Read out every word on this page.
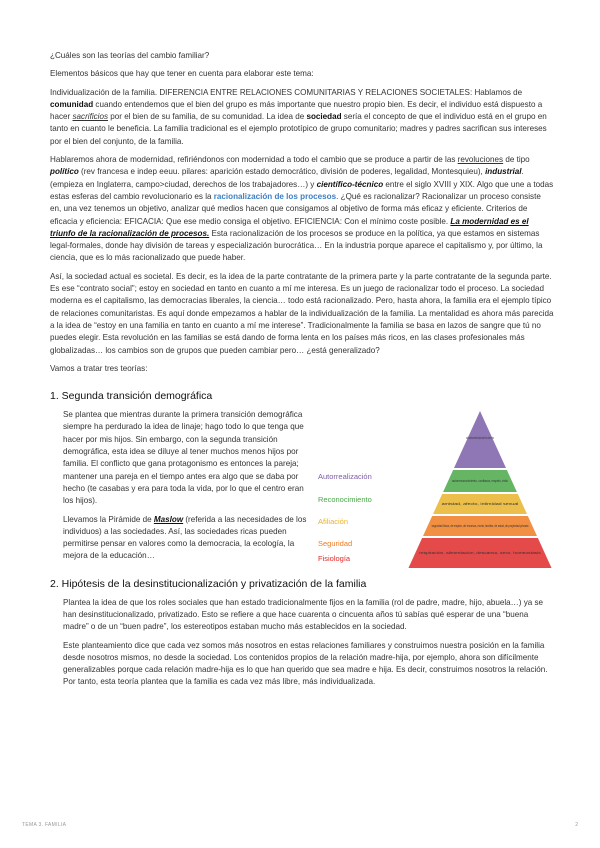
¿Cuáles son las teorías del cambio familiar?

Elementos básicos que hay que tener en cuenta para elaborar este tema:

Individualización de la familia. DIFERENCIA ENTRE RELACIONES COMUNITARIAS Y RELACIONES SOCIETALES: Hablamos de comunidad cuando entendemos que el bien del grupo es más importante que nuestro propio bien. Es decir, el individuo está dispuesto a hacer sacrificios por el bien de su familia, de su comunidad. La idea de sociedad sería el concepto de que el individuo está en el grupo en tanto en cuanto le beneficia. La familia tradicional es el ejemplo prototípico de grupo comunitario; madres y padres sacrifican sus intereses por el bien del conjunto, de la familia.

Hablaremos ahora de modernidad, refiriéndonos con modernidad a todo el cambio que se produce a partir de las revoluciones de tipo político (rev francesa e indep eeuu. pilares: aparición estado democrático, división de poderes, legalidad, Montesquieu), industrial.(empieza en Inglaterra, campo>ciudad, derechos de los trabajadores…) y científico-técnico entre el siglo XVIII y XIX. Algo que une a todas estas esferas del cambio revolucionario es la racionalización de los procesos. ¿Qué es racionalizar? Racionalizar un proceso consiste en, una vez tenemos un objetivo, analizar qué medios hacen que consigamos al objetivo de forma más eficaz y eficiente. Criterios de eficacia y eficiencia: EFICACIA: Que ese medio consiga el objetivo. EFICIENCIA: Con el mínimo coste posible. La modernidad es el triunfo de la racionalización de procesos. Esta racionalización de los procesos se produce en la política, ya que estamos en sistemas legal-formales, donde hay división de tareas y especialización burocrática… En la industria porque aparece el capitalismo y, por último, la ciencia, que es lo más racionalizado que puede haber.

Así, la sociedad actual es societal. Es decir, es la idea de la parte contratante de la primera parte y la parte contratante de la segunda parte. Es ese “contrato social”; estoy en sociedad en tanto en cuanto a mí me interesa. Es un juego de racionalizar todo el proceso. La sociedad moderna es el capitalismo, las democracias liberales, la ciencia… todo está racionalizado. Pero, hasta ahora, la familia era el ejemplo típico de relaciones comunitaristas. Es aquí donde empezamos a hablar de la individualización de la familia. La mentalidad es ahora más parecida a la idea de “estoy en una familia en tanto en cuanto a mí me interese”. Tradicionalmente la familia se basa en lazos de sangre que tú no puedes elegir. Esta revolución en las familias se está dando de forma lenta en los países más ricos, en las clases profesionales más globalizadas… los cambios son de grupos que pueden cambiar pero… ¿está generalizado?

Vamos a tratar tres teorías:

1. Segunda transición demográfica

Se plantea que mientras durante la primera transición demográfica siempre ha perdurado la idea de linaje; hago todo lo que tenga que hacer por mis hijos. Sin embargo, con la segunda transición demográfica, esta idea se diluye al tener muchos menos hijos por familia. El conflicto que gana protagonismo es entonces la pareja; mantener una pareja en el tiempo antes era algo que se daba por hecho (te casabas y era para toda la vida, por lo que el centro eran los hijos).

Llevamos la Pirámide de Maslow (referida a las necesidades de los individuos) a las sociedades. Así, las sociedades ricas pueden permitirse pensar en valores como la democracia, la ecología, la mejora de la educación…

moralidad, creatividad, espontaneidad, falta de prejuicios, aceptación de hechos, resolución de problemas
Autorrealización
autorreconocimiento, confianza, respeto, éxito
Reconocimiento
amistad, afecto, intimidad sexual
Afiliación
seguridad física, de empleo, de recursos, moral, familiar, de salud, de propiedad privada
Seguridad
respiración, alimentación, descanso, sexo, homeostasis
Fisiología
2. Hipótesis de la desinstitucionalización y privatización de la familia

Plantea la idea de que los roles sociales que han estado tradicionalmente fijos en la familia (rol de padre, madre, hijo, abuela…) ya se han desinstitucionalizado, privatizado. Esto se refiere a que hace cuarenta o cincuenta años tú sabías qué esperar de una “buena madre” o de un “buen padre”, los estereotipos estaban mucho más establecidos en la sociedad.

Este planteamiento dice que cada vez somos más nosotros en estas relaciones familiares y construimos nuestra posición en la familia desde nosotros mismos, no desde la sociedad. Los contenidos propios de la relación madre-hija, por ejemplo, ahora son difícilmente generalizables porque cada relación madre-hija es lo que han querido que sea madre e hija. Es decir, construimos nosotros la relación. Por tanto, esta teoría plantea que la familia es cada vez más libre, más individualizada.

TEMA 3. FAMILIA	2
